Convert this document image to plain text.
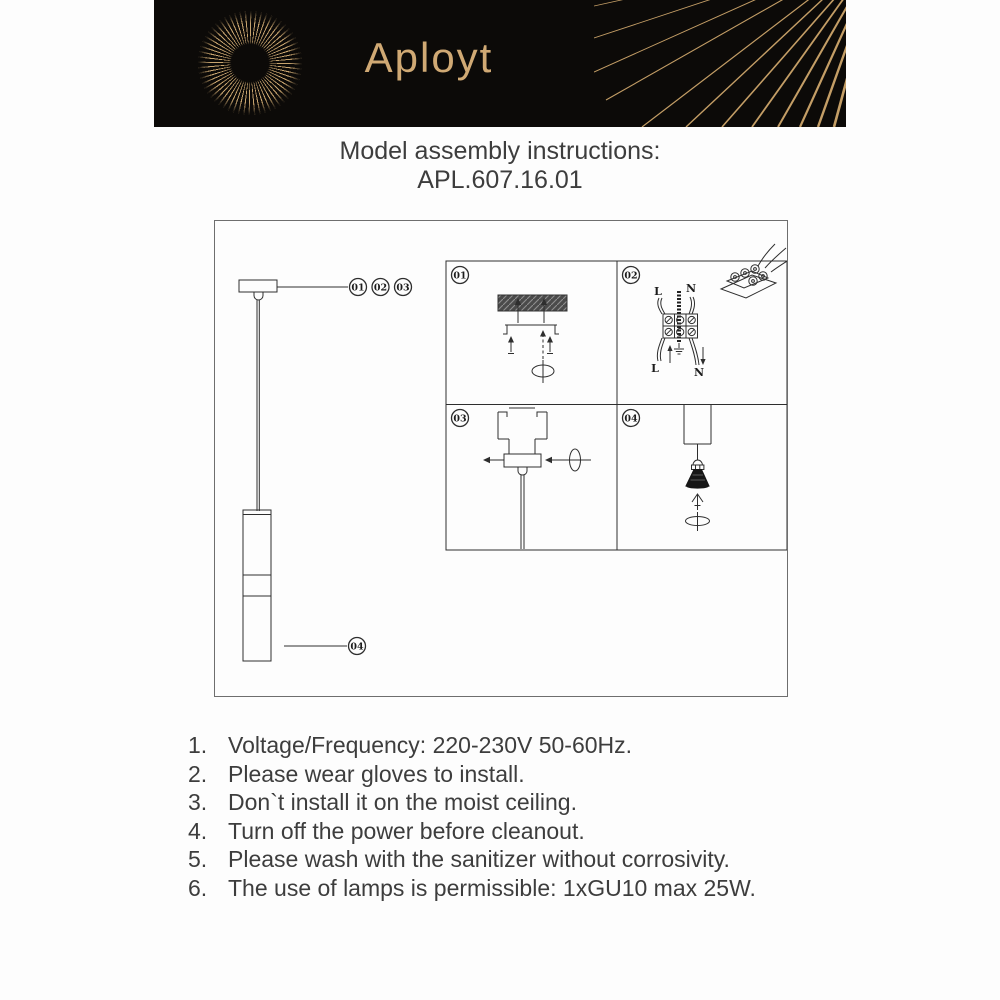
Aployt

Model assembly instructions:

APL.607.16.01

01 02 03
04
01	02
L N
L	N
03	04
1. Voltage/Frequency: 220-230V 50-60Hz.
2. Please wear gloves to install.
3. Don`t install it on the moist ceiling.
4. Turn off the power before cleanout.
5. Please wash with the sanitizer without corrosivity.
6. The use of lamps is permissible: 1xGU10 max 25W.
